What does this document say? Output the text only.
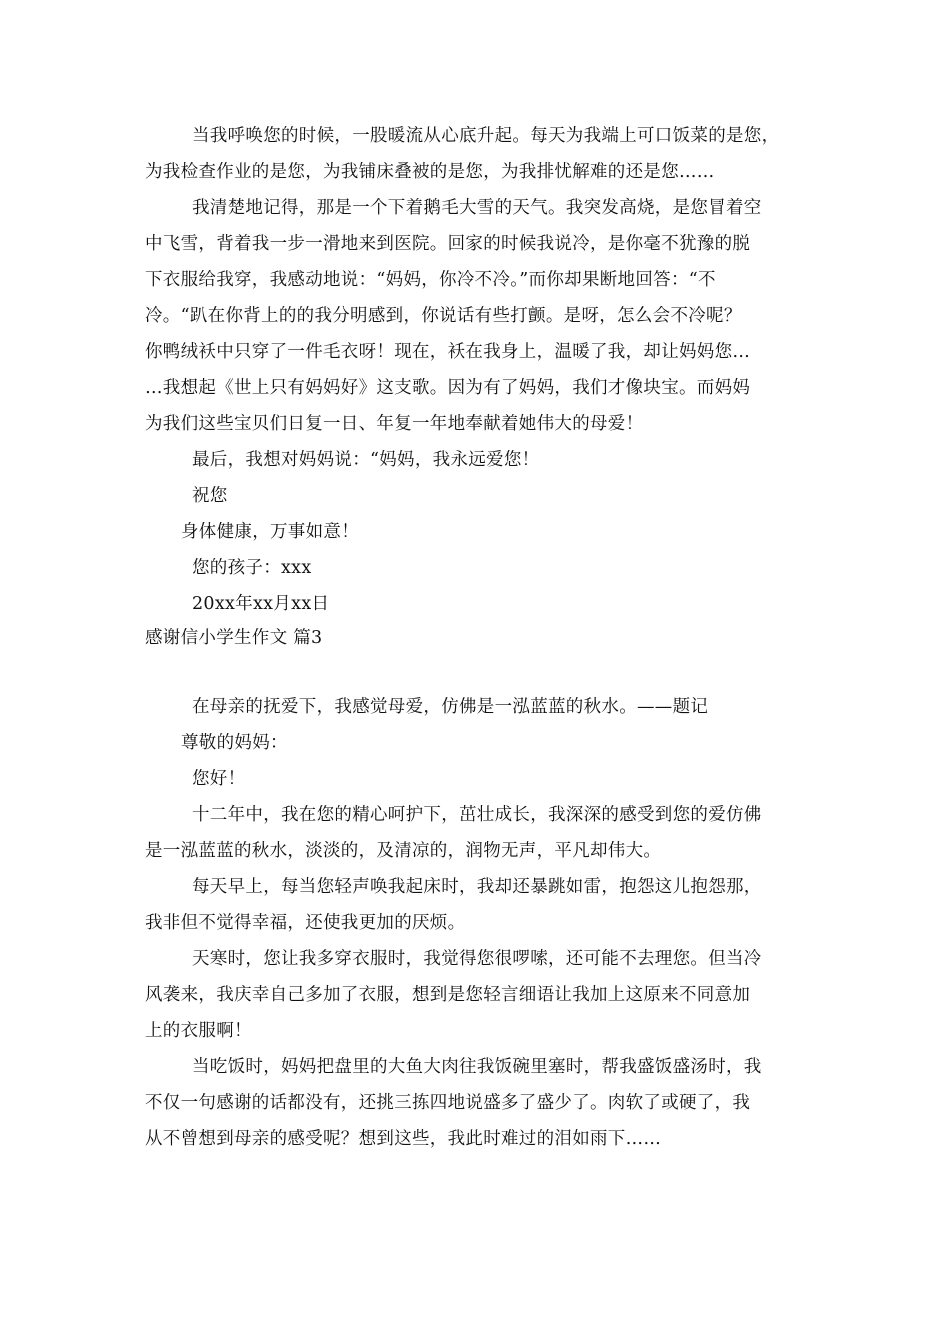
当我呼唤您的时候，一股暖流从心底升起。每天为我端上可口饭菜的是您，
为我检查作业的是您，为我铺床叠被的是您，为我排忧解难的还是您……
我清楚地记得，那是一个下着鹅毛大雪的天气。我突发高烧，是您冒着空
中飞雪，背着我一步一滑地来到医院。回家的时候我说冷，是你毫不犹豫的脱
下衣服给我穿，我感动地说：“妈妈，你冷不冷。”而你却果断地回答：“不
冷。“趴在你背上的的我分明感到，你说话有些打颤。是呀，怎么会不冷呢？
你鸭绒袄中只穿了一件毛衣呀！现在，袄在我身上，温暖了我，却让妈妈您…
…我想起《世上只有妈妈好》这支歌。因为有了妈妈，我们才像块宝。而妈妈
为我们这些宝贝们日复一日、年复一年地奉献着她伟大的母爱！
最后，我想对妈妈说：“妈妈，我永远爱您！
祝您
身体健康，万事如意！
您的孩子：xxx
20xx年xx月xx日
感谢信小学生作文 篇3
在母亲的抚爱下，我感觉母爱，仿佛是一泓蓝蓝的秋水。——题记
尊敬的妈妈：
您好！
十二年中，我在您的精心呵护下，茁壮成长，我深深的感受到您的爱仿佛
是一泓蓝蓝的秋水，淡淡的，及清凉的，润物无声，平凡却伟大。
每天早上，每当您轻声唤我起床时，我却还暴跳如雷，抱怨这儿抱怨那，
我非但不觉得幸福，还使我更加的厌烦。
天寒时，您让我多穿衣服时，我觉得您很啰嗦，还可能不去理您。但当冷
风袭来，我庆幸自己多加了衣服，想到是您轻言细语让我加上这原来不同意加
上的衣服啊！
当吃饭时，妈妈把盘里的大鱼大肉往我饭碗里塞时，帮我盛饭盛汤时，我
不仅一句感谢的话都没有，还挑三拣四地说盛多了盛少了。肉软了或硬了，我
从不曾想到母亲的感受呢？想到这些，我此时难过的泪如雨下……
